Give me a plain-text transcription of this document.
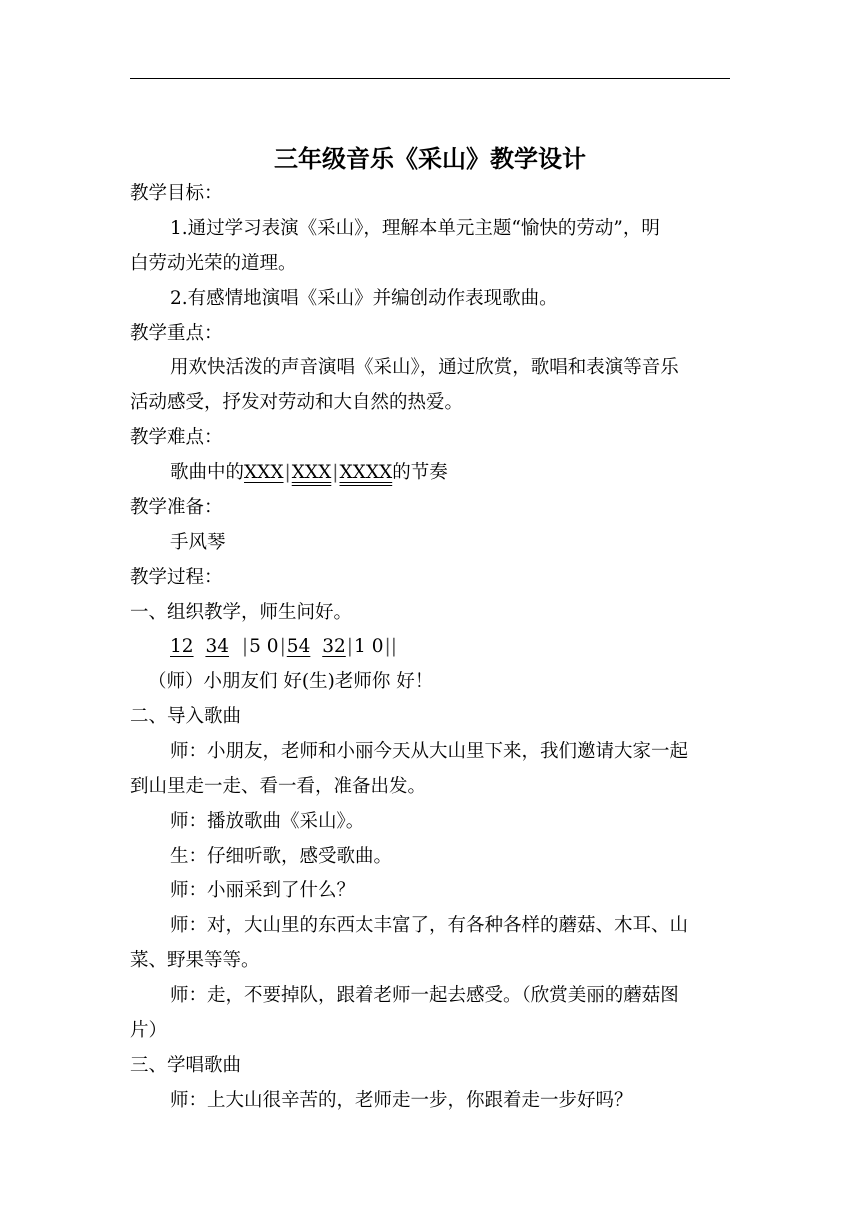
三年级音乐《采山》教学设计
教学目标：
1.通过学习表演《采山》，理解本单元主题“愉快的劳动”，明
白劳动光荣的道理。
2.有感情地演唱《采山》并编创动作表现歌曲。
教学重点：
用欢快活泼的声音演唱《采山》，通过欣赏，歌唱和表演等音乐
活动感受，抒发对劳动和大自然的热爱。
教学难点：
歌曲中的XXX|XXX|XXXX的节奏
教学准备：
手风琴
教学过程：
一、组织教学，师生问好。
12 34 |5 0|54 32|1 0||
（师）小朋友们 好(生)老师你 好！
二、导入歌曲
师：小朋友，老师和小丽今天从大山里下来，我们邀请大家一起
到山里走一走、看一看，准备出发。
师：播放歌曲《采山》。
生：仔细听歌，感受歌曲。
师：小丽采到了什么？
师：对，大山里的东西太丰富了，有各种各样的蘑菇、木耳、山
菜、野果等等。
师：走，不要掉队，跟着老师一起去感受。（欣赏美丽的蘑菇图
片）
三、学唱歌曲
师：上大山很辛苦的，老师走一步，你跟着走一步好吗？
